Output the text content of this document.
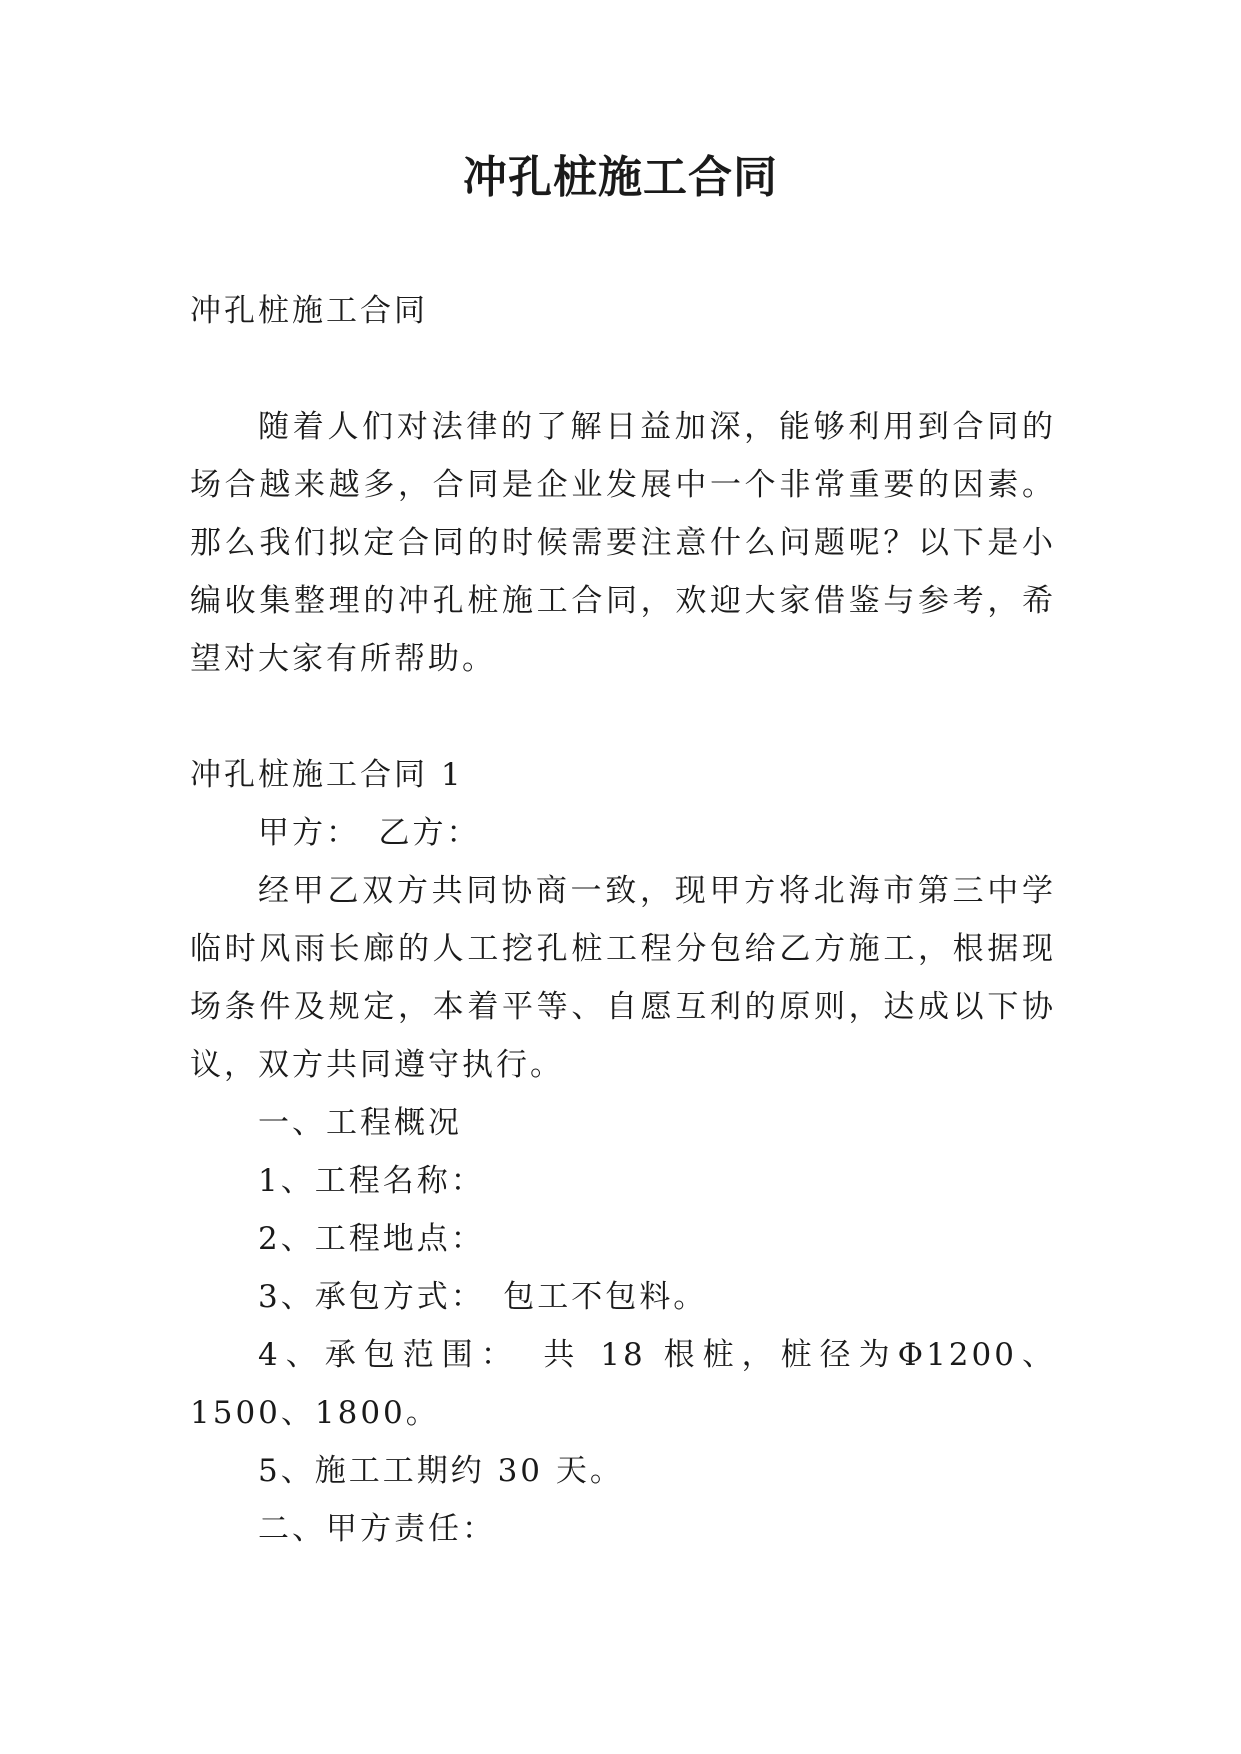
冲孔桩施工合同

冲孔桩施工合同

随着人们对法律的了解日益加深，能够利用到合同的场合越来越多，合同是企业发展中一个非常重要的因素。那么我们拟定合同的时候需要注意什么问题呢？以下是小编收集整理的冲孔桩施工合同，欢迎大家借鉴与参考，希望对大家有所帮助。

冲孔桩施工合同 1

甲方：　乙方：

经甲乙双方共同协商一致，现甲方将北海市第三中学临时风雨长廊的人工挖孔桩工程分包给乙方施工，根据现场条件及规定，本着平等、自愿互利的原则，达成以下协议，双方共同遵守执行。

一、工程概况

1、工程名称：

2、工程地点：

3、承包方式：　包工不包料。

4、承包范围：　共 18 根桩，桩径为Φ1200、1500、1800。

5、施工工期约 30 天。

二、甲方责任：
